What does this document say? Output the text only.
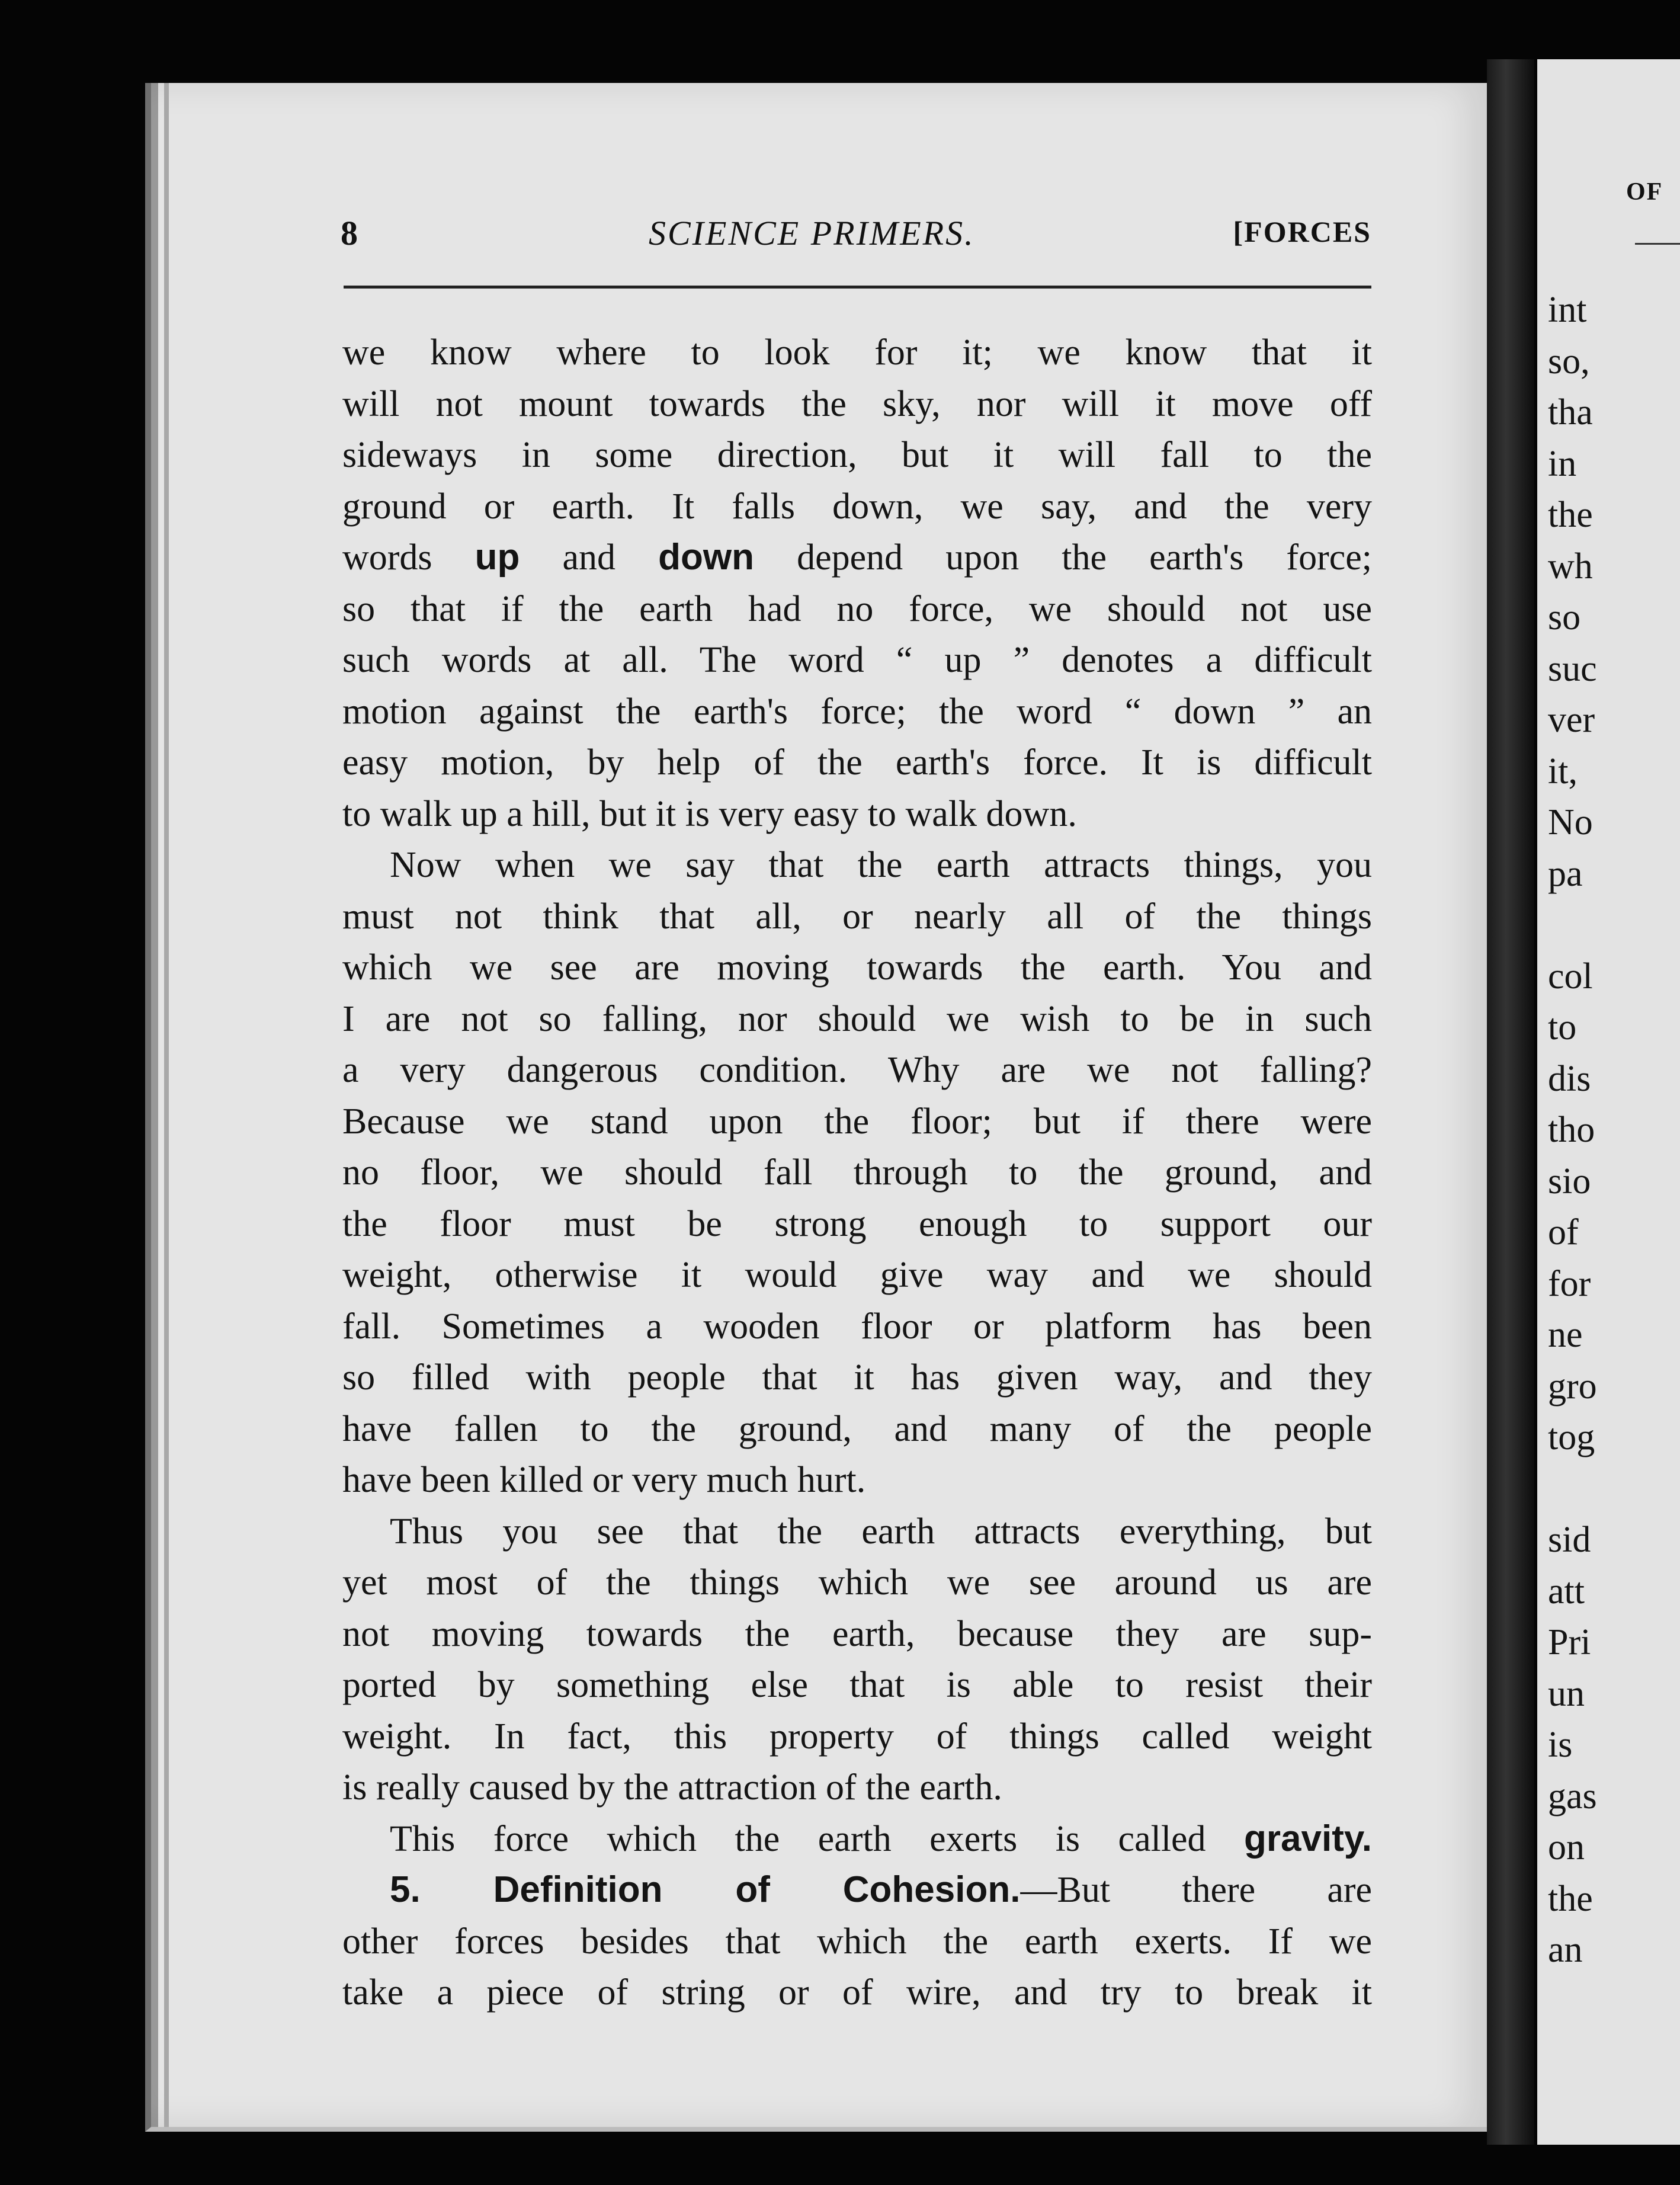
int
so,
tha
in
the
wh
so
suc
ver
it,
No
pa
col
to
dis
tho
sio
of
for
ne
gro
tog
sid
att
Pri
un
is
gas
on
the
an
OF
8	SCIENCE PRIMERS.	[FORCES
we know where to look for it; we know that it
will not mount towards the sky, nor will it move off
sideways in some direction, but it will fall to the
ground or earth. It falls down, we say, and the very
words up and down depend upon the earth's force;
so that if the earth had no force, we should not use
such words at all. The word “ up ” denotes a difficult
motion against the earth's force; the word “ down ” an
easy motion, by help of the earth's force. It is difficult
to walk up a hill, but it is very easy to walk down.
Now when we say that the earth attracts things, you
must not think that all, or nearly all of the things
which we see are moving towards the earth. You and
I are not so falling, nor should we wish to be in such
a very dangerous condition. Why are we not falling?
Because we stand upon the floor; but if there were
no floor, we should fall through to the ground, and
the floor must be strong enough to support our
weight, otherwise it would give way and we should
fall. Sometimes a wooden floor or platform has been
so filled with people that it has given way, and they
have fallen to the ground, and many of the people
have been killed or very much hurt.
Thus you see that the earth attracts everything, but
yet most of the things which we see around us are
not moving towards the earth, because they are sup-
ported by something else that is able to resist their
weight. In fact, this property of things called weight
is really caused by the attraction of the earth.
This force which the earth exerts is called gravity.
5. Definition of Cohesion.—But there are
other forces besides that which the earth exerts. If we
take a piece of string or of wire, and try to break it
